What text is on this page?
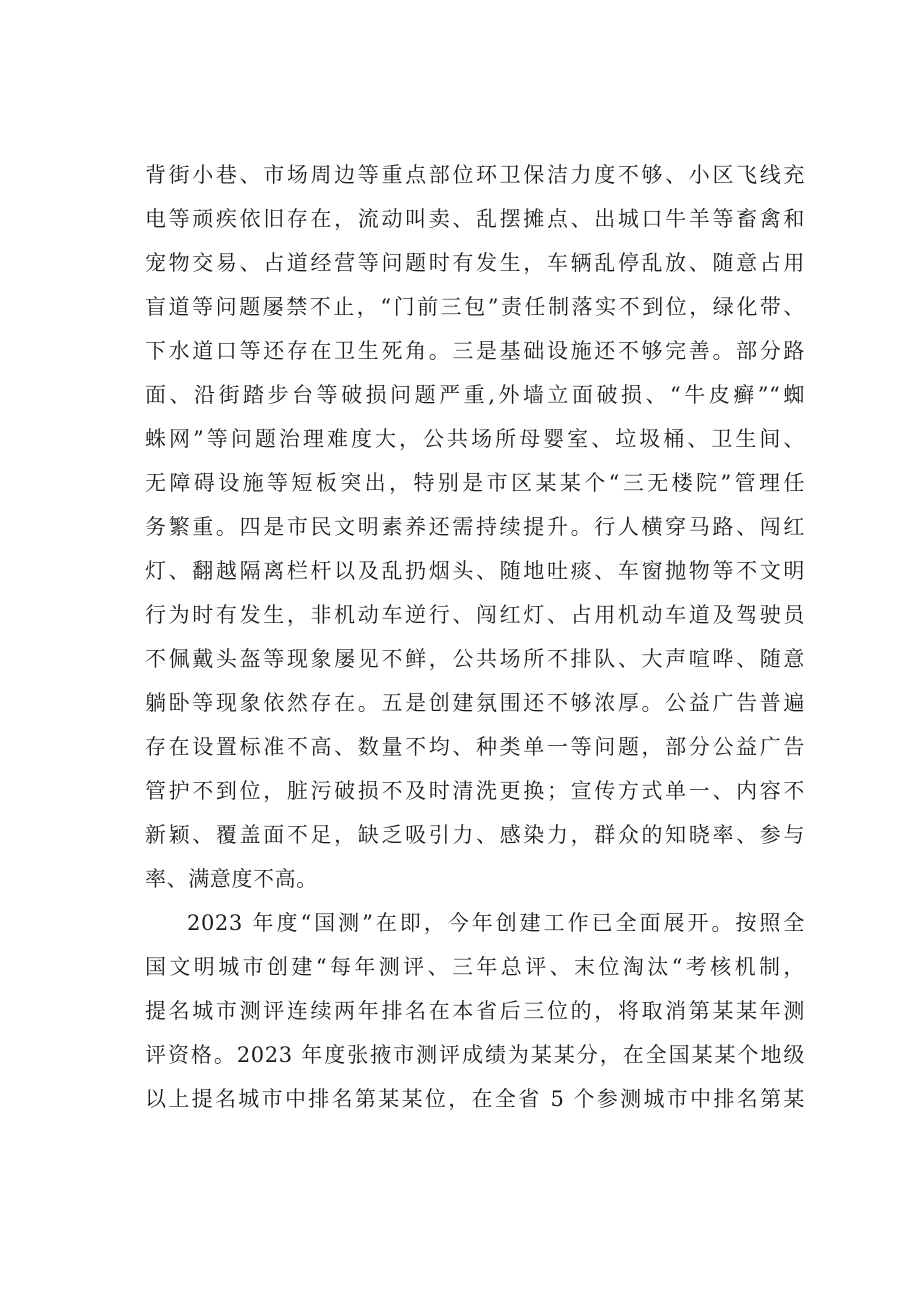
背街小巷、市场周边等重点部位环卫保洁力度不够、小区飞线充
电等顽疾依旧存在，流动叫卖、乱摆摊点、出城口牛羊等畜禽和
宠物交易、占道经营等问题时有发生，车辆乱停乱放、随意占用
盲道等问题屡禁不止，“门前三包”责任制落实不到位，绿化带、
下水道口等还存在卫生死角。三是基础设施还不够完善。部分路
面、沿街踏步台等破损问题严重,外墙立面破损、“牛皮癣”“蜘
蛛网”等问题治理难度大，公共场所母婴室、垃圾桶、卫生间、
无障碍设施等短板突出，特别是市区某某个“三无楼院”管理任
务繁重。四是市民文明素养还需持续提升。行人横穿马路、闯红
灯、翻越隔离栏杆以及乱扔烟头、随地吐痰、车窗抛物等不文明
行为时有发生，非机动车逆行、闯红灯、占用机动车道及驾驶员
不佩戴头盔等现象屡见不鲜，公共场所不排队、大声喧哗、随意
躺卧等现象依然存在。五是创建氛围还不够浓厚。公益广告普遍
存在设置标准不高、数量不均、种类单一等问题，部分公益广告
管护不到位，脏污破损不及时清洗更换；宣传方式单一、内容不
新颖、覆盖面不足，缺乏吸引力、感染力，群众的知晓率、参与
率、满意度不高。
2023 年度“国测”在即，今年创建工作已全面展开。按照全
国文明城市创建“每年测评、三年总评、末位淘汰“考核机制，
提名城市测评连续两年排名在本省后三位的，将取消第某某年测
评资格。2023 年度张掖市测评成绩为某某分，在全国某某个地级
以上提名城市中排名第某某位，在全省 5 个参测城市中排名第某
